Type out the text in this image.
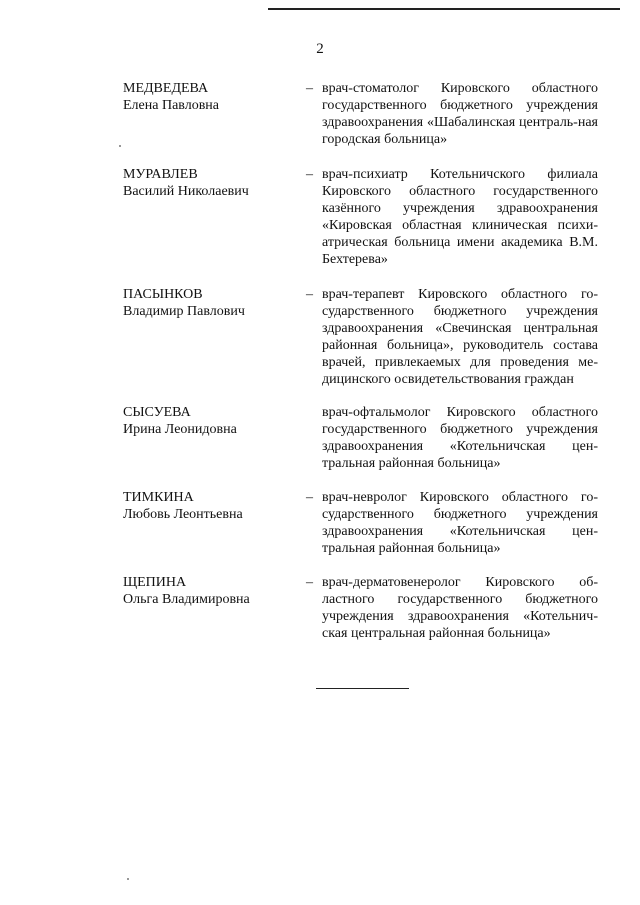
2
МЕДВЕДЕВА
Елена Павловна
– врач-стоматолог Кировского областного государственного бюджетного учреждения здравоохранения «Шабалинская централь-ная городская больница»
МУРАВЛЕВ
Василий Николаевич
– врач-психиатр Котельничского филиала Кировского областного государственного казённого учреждения здравоохранения «Кировская областная клиническая психи-атрическая больница имени академика В.М. Бехтерева»
ПАСЫНКОВ
Владимир Павлович
– врач-терапевт Кировского областного го-сударственного бюджетного учреждения здравоохранения «Свечинская центральная районная больница», руководитель состава врачей, привлекаемых для проведения ме-дицинского освидетельствования граждан
СЫСУЕВА
Ирина Леонидовна
врач-офтальмолог Кировского областного государственного бюджетного учреждения здравоохранения «Котельничская цен-тральная районная больница»
ТИМКИНА
Любовь Леонтьевна
– врач-невролог Кировского областного го-сударственного бюджетного учреждения здравоохранения «Котельничская цен-тральная районная больница»
ЩЕПИНА
Ольга Владимировна
– врач-дерматовенеролог Кировского об-ластного государственного бюджетного учреждения здравоохранения «Котельнич-ская центральная районная больница»
